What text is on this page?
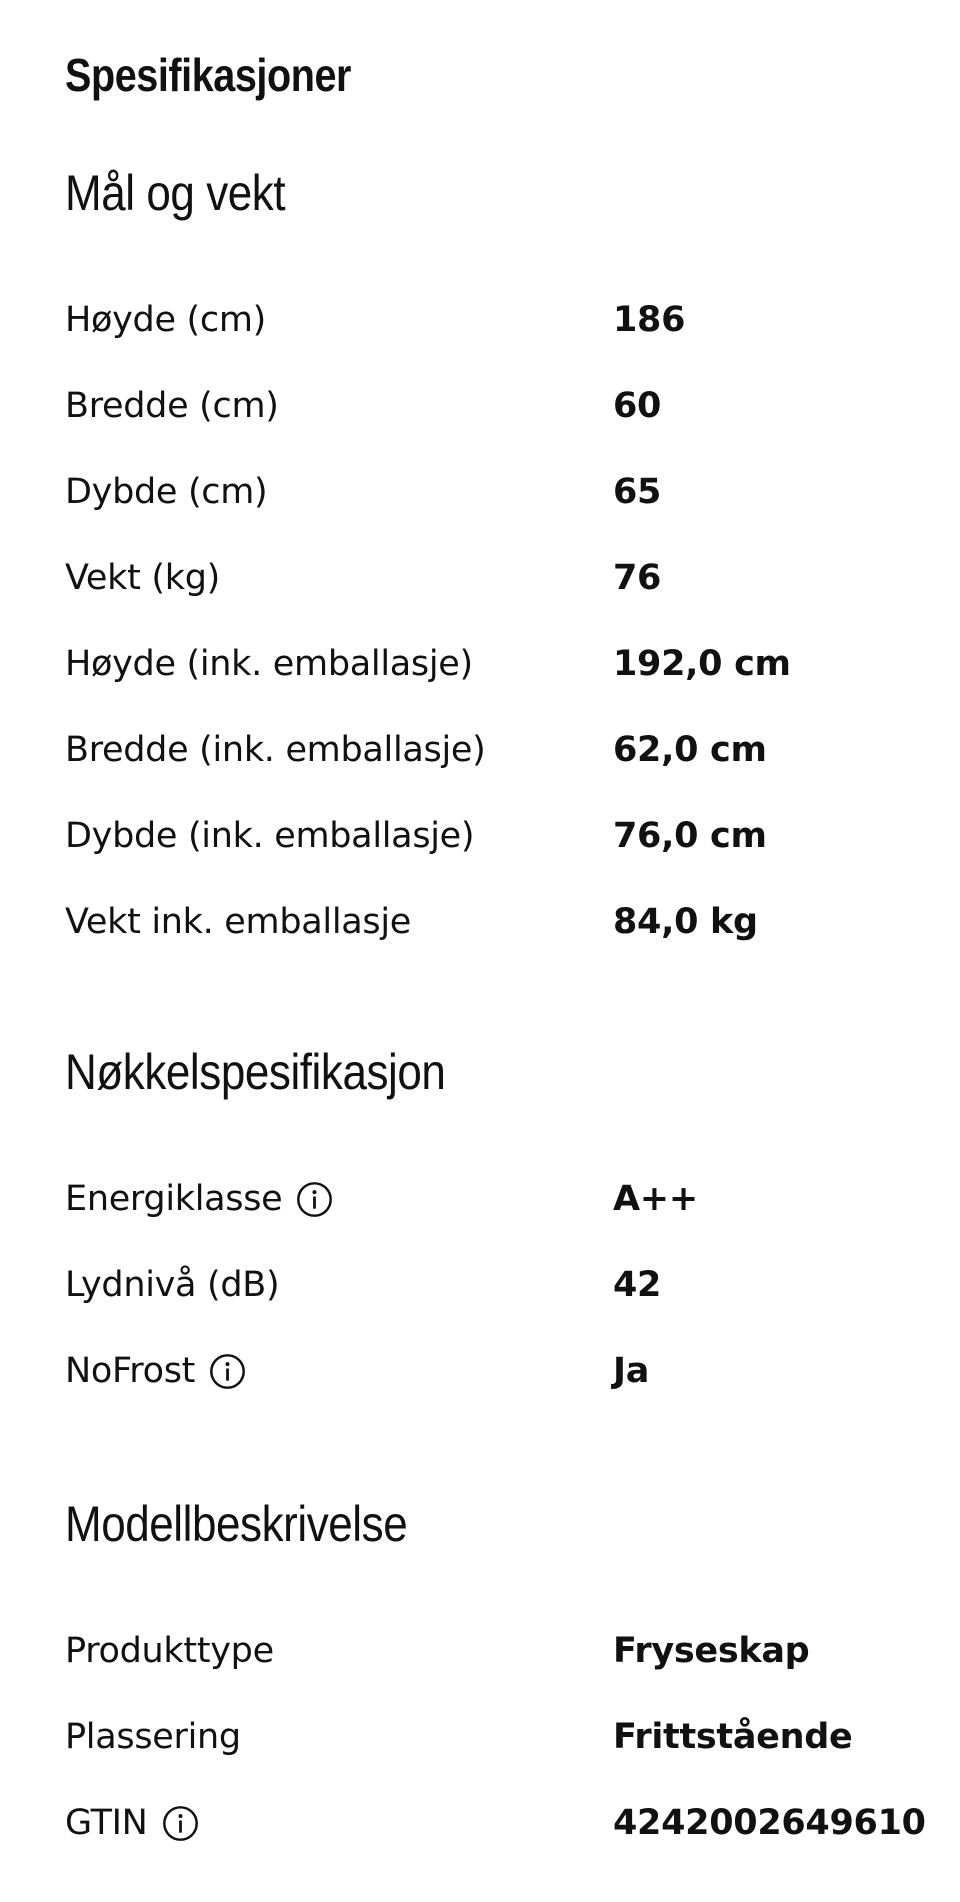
Spesifikasjoner
Mål og vekt
Høyde (cm)	186
Bredde (cm)	60
Dybde (cm)	65
Vekt (kg)	76
Høyde (ink. emballasje)	192,0 cm
Bredde (ink. emballasje)	62,0 cm
Dybde (ink. emballasje)	76,0 cm
Vekt ink. emballasje	84,0 kg
Nøkkelspesifikasjon
Energiklasse	A++
Lydnivå (dB)	42
NoFrost	Ja
Modellbeskrivelse
Produkttype	Fryseskap
Plassering	Frittstående
GTIN	4242002649610
